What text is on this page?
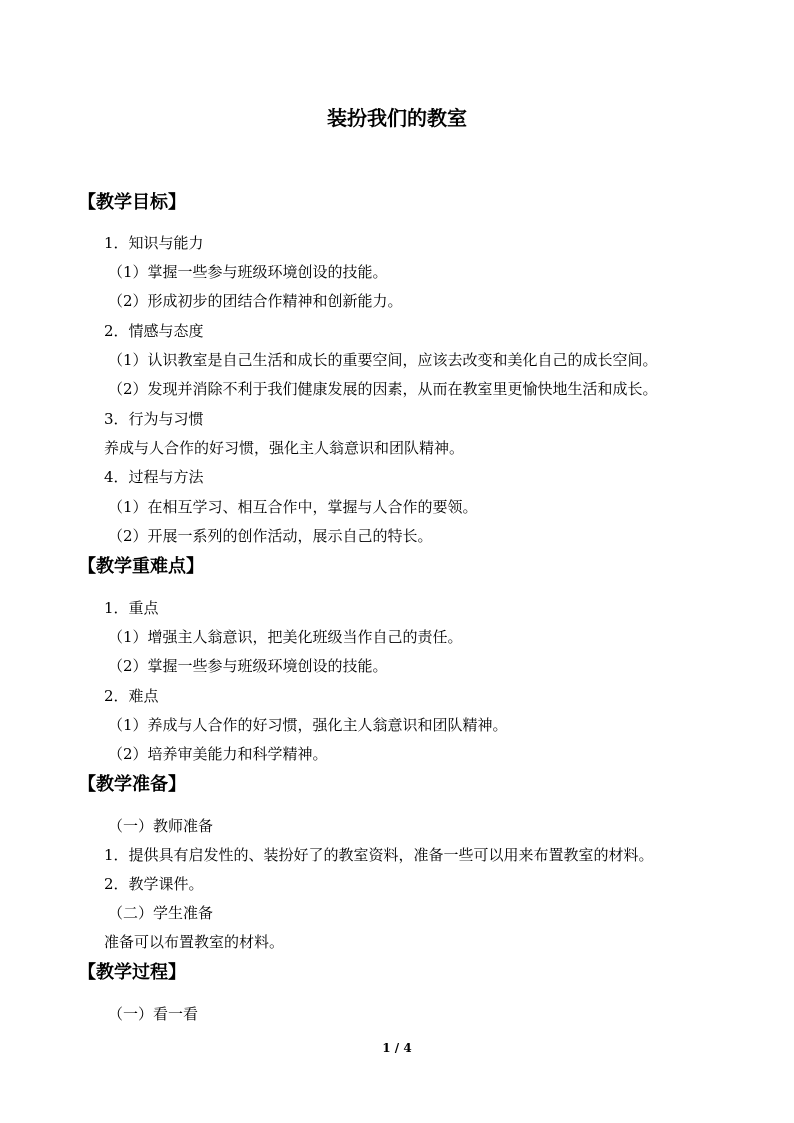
装扮我们的教室
【教学目标】
1．知识与能力
（1）掌握一些参与班级环境创设的技能。
（2）形成初步的团结合作精神和创新能力。
2．情感与态度
（1）认识教室是自己生活和成长的重要空间，应该去改变和美化自己的成长空间。
（2）发现并消除不利于我们健康发展的因素，从而在教室里更愉快地生活和成长。
3．行为与习惯
养成与人合作的好习惯，强化主人翁意识和团队精神。
4．过程与方法
（1）在相互学习、相互合作中，掌握与人合作的要领。
（2）开展一系列的创作活动，展示自己的特长。
【教学重难点】
1．重点
（1）增强主人翁意识，把美化班级当作自己的责任。
（2）掌握一些参与班级环境创设的技能。
2．难点
（1）养成与人合作的好习惯，强化主人翁意识和团队精神。
（2）培养审美能力和科学精神。
【教学准备】
（一）教师准备
1．提供具有启发性的、装扮好了的教室资料，准备一些可以用来布置教室的材料。
2．教学课件。
（二）学生准备
准备可以布置教室的材料。
【教学过程】
（一）看一看
1 / 4
